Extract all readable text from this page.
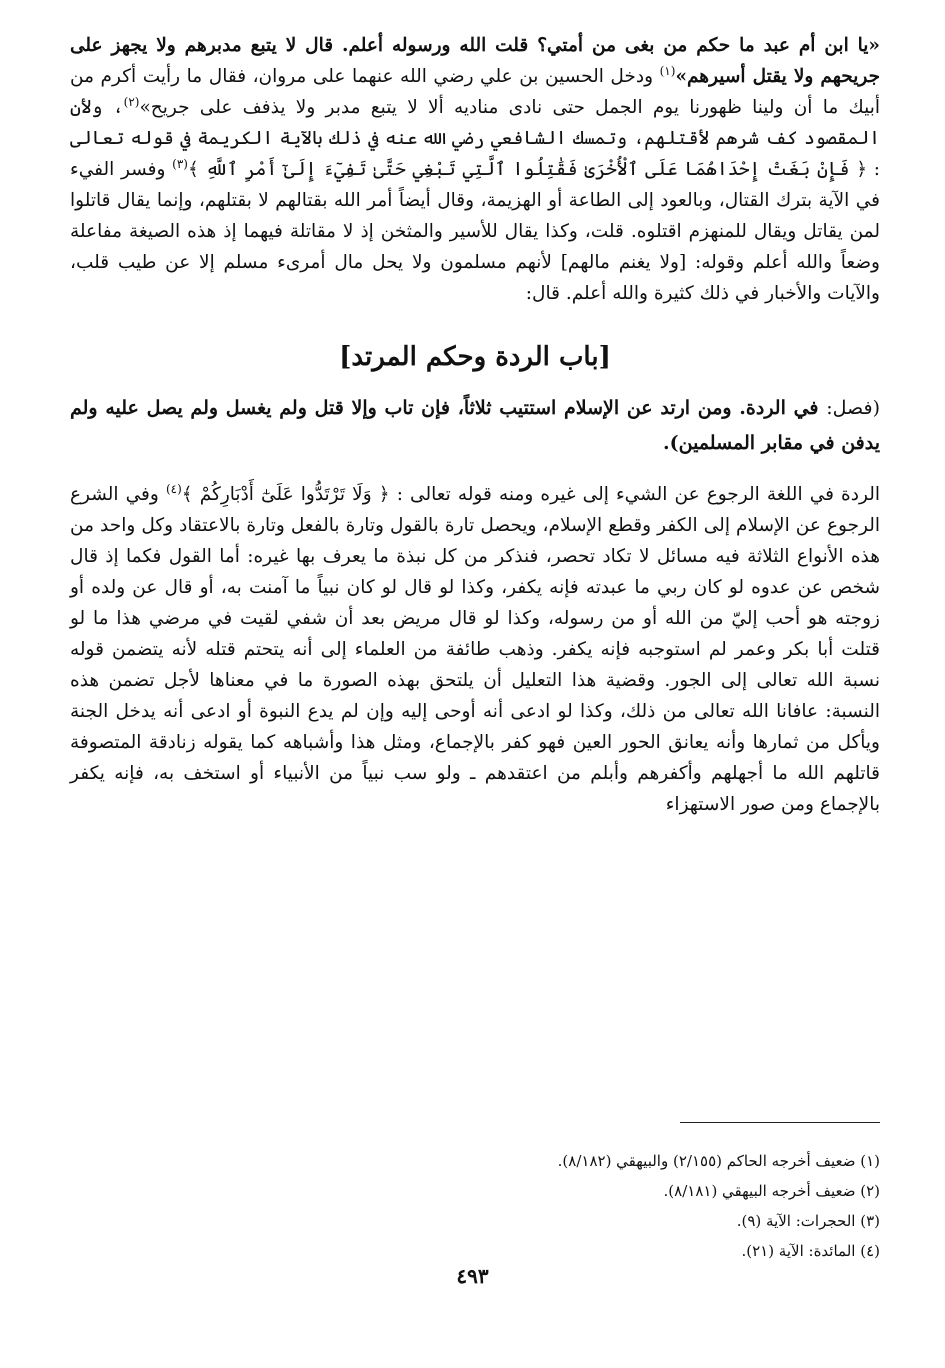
«يا ابن أم عبد ما حكم من بغى من أمتي؟ قلت الله ورسوله أعلم. قال لا يتبع مدبرهم ولا يجهز على جريحهم ولا يقتل أسيرهم»$^{(١)}$ ودخل الحسين بن علي رضي الله عنهما على مروان، فقال ما رأيت أكرم من أبيك ما أن ولينا ظهورنا يوم الجمل حتى نادى مناديه ألا لا يتبع مدبر ولا يذفف على جريح»$^{(٢)}$، ولأن المقصود كف شرهم لأقتلهم، وتمسك الشافعي رضي الله عنه في ذلك بالآية الكريمة في قوله تعالى : ﴿ فَإِنْ بَغَتْ إِحْدَاهُمَا عَلَى ٱلْأُخْرَىٰ فَقَٰتِلُوا ٱلَّتِي تَبْغِي حَتَّىٰ تَفِيٓءَ إِلَىٰٓ أَمْرِ ٱللَّهِ ﴾$^{(٣)}$ وفسر الفيء في الآية بترك القتال، وبالعود إلى الطاعة أو الهزيمة، وقال أيضاً أمر الله بقتالهم لا بقتلهم، وإنما يقال قاتلوا لمن يقاتل ويقال للمنهزم اقتلوه. قلت، وكذا يقال للأسير والمثخن إذ لا مقاتلة فيهما إذ هذه الصيغة مفاعلة وضعاً والله أعلم وقوله: [ولا يغنم مالهم] لأنهم مسلمون ولا يحل مال أمرىء مسلم إلا عن طيب قلب، والآيات والأخبار في ذلك كثيرة والله أعلم. قال:

[باب الردة وحكم المرتد]

(فصل: في الردة. ومن ارتد عن الإسلام استتيب ثلاثاً، فإن تاب وإلا قتل ولم يغسل ولم يصل عليه ولم يدفن في مقابر المسلمين).

الردة في اللغة الرجوع عن الشيء إلى غيره ومنه قوله تعالى : ﴿ وَلَا تَرْتَدُّوا عَلَىٰٓ أَدْبَارِكُمْ ﴾$^{(٤)}$ وفي الشرع الرجوع عن الإسلام إلى الكفر وقطع الإسلام، ويحصل تارة بالقول وتارة بالفعل وتارة بالاعتقاد وكل واحد من هذه الأنواع الثلاثة فيه مسائل لا تكاد تحصر، فنذكر من كل نبذة ما يعرف بها غيره: أما القول فكما إذ قال شخص عن عدوه لو كان ربي ما عبدته فإنه يكفر، وكذا لو قال لو كان نبياً ما آمنت به، أو قال عن ولده أو زوجته هو أحب إليّ من الله أو من رسوله، وكذا لو قال مريض بعد أن شفي لقيت في مرضي هذا ما لو قتلت أبا بكر وعمر لم استوجبه فإنه يكفر. وذهب طائفة من العلماء إلى أنه يتحتم قتله لأنه يتضمن قوله نسبة الله تعالى إلى الجور. وقضية هذا التعليل أن يلتحق بهذه الصورة ما في معناها لأجل تضمن هذه النسبة: عافانا الله تعالى من ذلك، وكذا لو ادعى أنه أوحى إليه وإن لم يدع النبوة أو ادعى أنه يدخل الجنة ويأكل من ثمارها وأنه يعانق الحور العين فهو كفر بالإجماع، ومثل هذا وأشباهه كما يقوله زنادقة المتصوفة قاتلهم الله ما أجهلهم وأكفرهم وأبلم من اعتقدهم ـ ولو سب نبياً من الأنبياء أو استخف به، فإنه يكفر بالإجماع ومن صور الاستهزاء

(١) ضعيف أخرجه الحاكم (٢/١٥٥) والبيهقي (٨/١٨٢).

(٢) ضعيف أخرجه البيهقي (٨/١٨١).

(٣) الحجرات: الآية (٩).

(٤) المائدة: الآية (٢١).

٤٩٣
